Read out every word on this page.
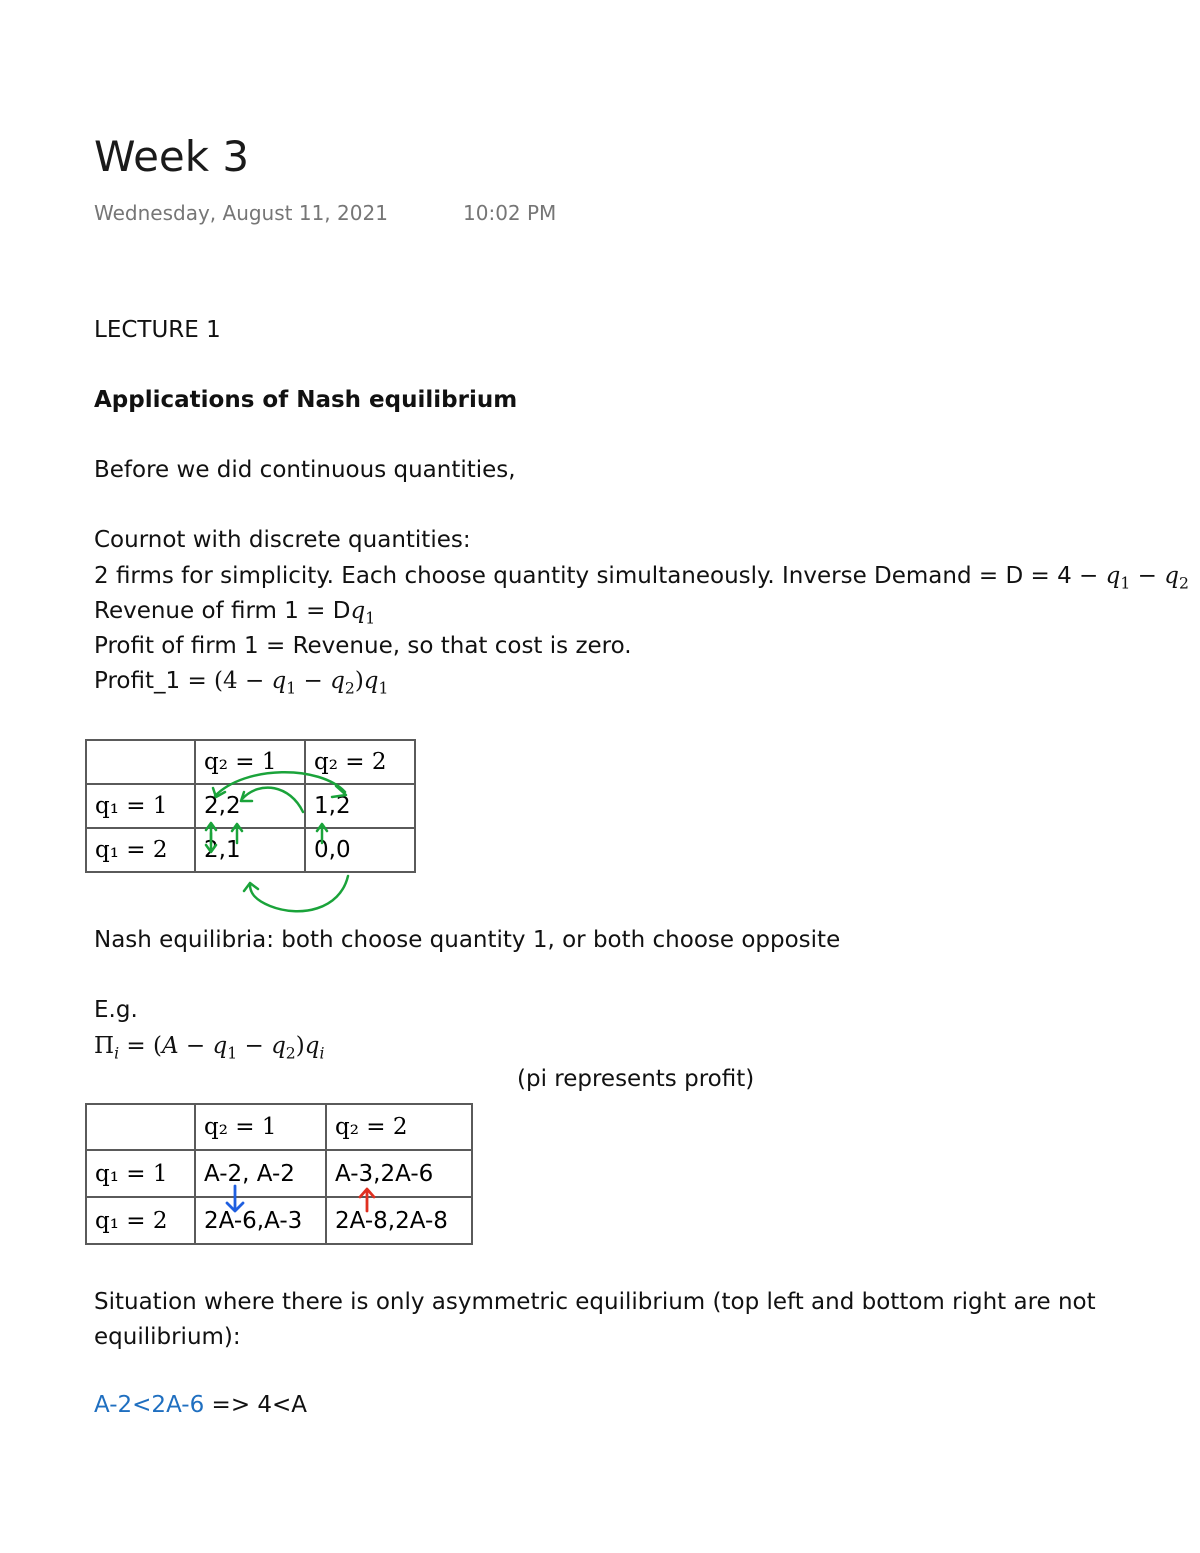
Week 3
Wednesday, August 11, 2021	10:02 PM
LECTURE 1
Applications of Nash equilibrium
Before we did continuous quantities,
Cournot with discrete quantities:
2 firms for simplicity. Each choose quantity simultaneously. Inverse Demand = $D = 4 - q_1 - q_2$
Revenue of firm $1 = Dq_1$
Profit of firm 1 = Revenue, so that cost is zero.
Profit_1 = $(4 - q_1 - q_2)q_1$
	q₂ = 1	q₂ = 2
q₁ = 1	2,2	1,2
q₁ = 2	2,1	0,0
Nash equilibria: both choose quantity 1, or both choose opposite
E.g.
$\Pi_i = (A - q_1 - q_2)q_i$
(pi represents profit)
	q₂ = 1	q₂ = 2
q₁ = 1	A-2, A-2	A-3,2A-6
q₁ = 2	2A-6,A-3	2A-8,2A-8
Situation where there is only asymmetric equilibrium (top left and bottom right are not
equilibrium):
A-2<2A-6 => 4<A
